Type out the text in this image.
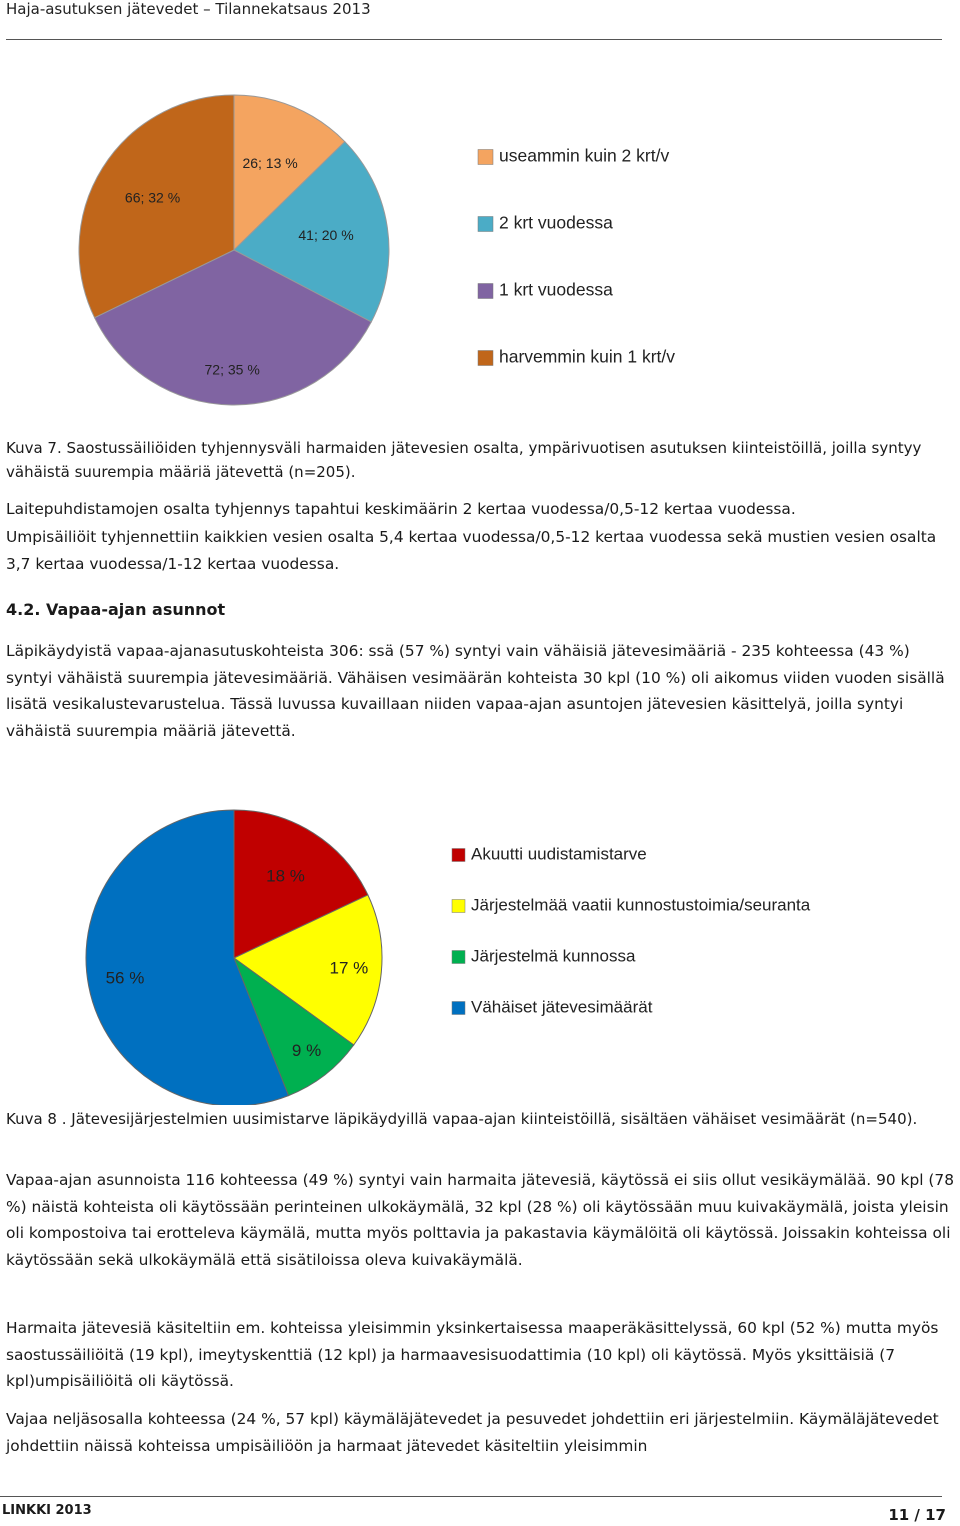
Haja-asutuksen jätevedet – Tilannekatsaus 2013
26; 13 %
41; 20 %
72; 35 %
66; 32 %
useammin kuin 2 krt/v
2 krt vuodessa
1 krt vuodessa
harvemmin kuin 1 krt/v
Kuva 7. Saostussäiliöiden tyhjennysväli harmaiden jätevesien osalta, ympärivuotisen asutuksen kiinteistöillä, joilla syntyy vähäistä suurempia määriä jätevettä (n=205).
Laitepuhdistamojen osalta tyhjennys tapahtui keskimäärin 2 kertaa vuodessa/0,5-12 kertaa vuodessa.
Umpisäiliöit tyhjennettiin kaikkien vesien osalta 5,4 kertaa vuodessa/0,5-12 kertaa vuodessa sekä mustien vesien osalta 3,7 kertaa vuodessa/1-12 kertaa vuodessa.
4.2. Vapaa-ajan asunnot
Läpikäydyistä vapaa-ajanasutuskohteista 306: ssä (57 %) syntyi vain vähäisiä jätevesimääriä - 235 kohteessa (43 %) syntyi vähäistä suurempia jätevesimääriä. Vähäisen vesimäärän kohteista 30 kpl (10 %) oli aikomus viiden vuoden sisällä lisätä vesikalustevarustelua. Tässä luvussa kuvaillaan niiden vapaa-ajan asuntojen jätevesien käsittelyä, joilla syntyi vähäistä suurempia määriä jätevettä.
18 %
17 %
9 %
56 %
Akuutti uudistamistarve
Järjestelmää vaatii kunnostustoimia/seuranta
Järjestelmä kunnossa
Vähäiset jätevesimäärät
Kuva 8 . Jätevesijärjestelmien uusimistarve läpikäydyillä vapaa-ajan kiinteistöillä, sisältäen vähäiset vesimäärät (n=540).
Vapaa-ajan asunnoista 116 kohteessa (49 %) syntyi vain harmaita jätevesiä, käytössä ei siis ollut vesikäymälää. 90 kpl (78 %) näistä kohteista oli käytössään perinteinen ulkokäymälä, 32 kpl (28 %) oli käytössään muu kuivakäymälä, joista yleisin oli kompostoiva tai erotteleva käymälä, mutta myös polttavia ja pakastavia käymälöitä oli käytössä. Joissakin kohteissa oli käytössään sekä ulkokäymälä että sisätiloissa oleva kuivakäymälä.
Harmaita jätevesiä käsiteltiin em. kohteissa yleisimmin yksinkertaisessa maaperäkäsittelyssä, 60 kpl (52 %) mutta myös saostussäiliöitä (19 kpl), imeytyskenttiä (12 kpl) ja harmaavesisuodattimia (10 kpl) oli käytössä. Myös yksittäisiä (7 kpl)umpisäiliöitä oli käytössä.
Vajaa neljäsosalla kohteessa (24 %, 57 kpl) käymäläjätevedet ja pesuvedet johdettiin eri järjestelmiin. Käymäläjätevedet johdettiin näissä kohteissa umpisäiliöön ja harmaat jätevedet käsiteltiin yleisimmin
LINKKI 2013	11 / 17
